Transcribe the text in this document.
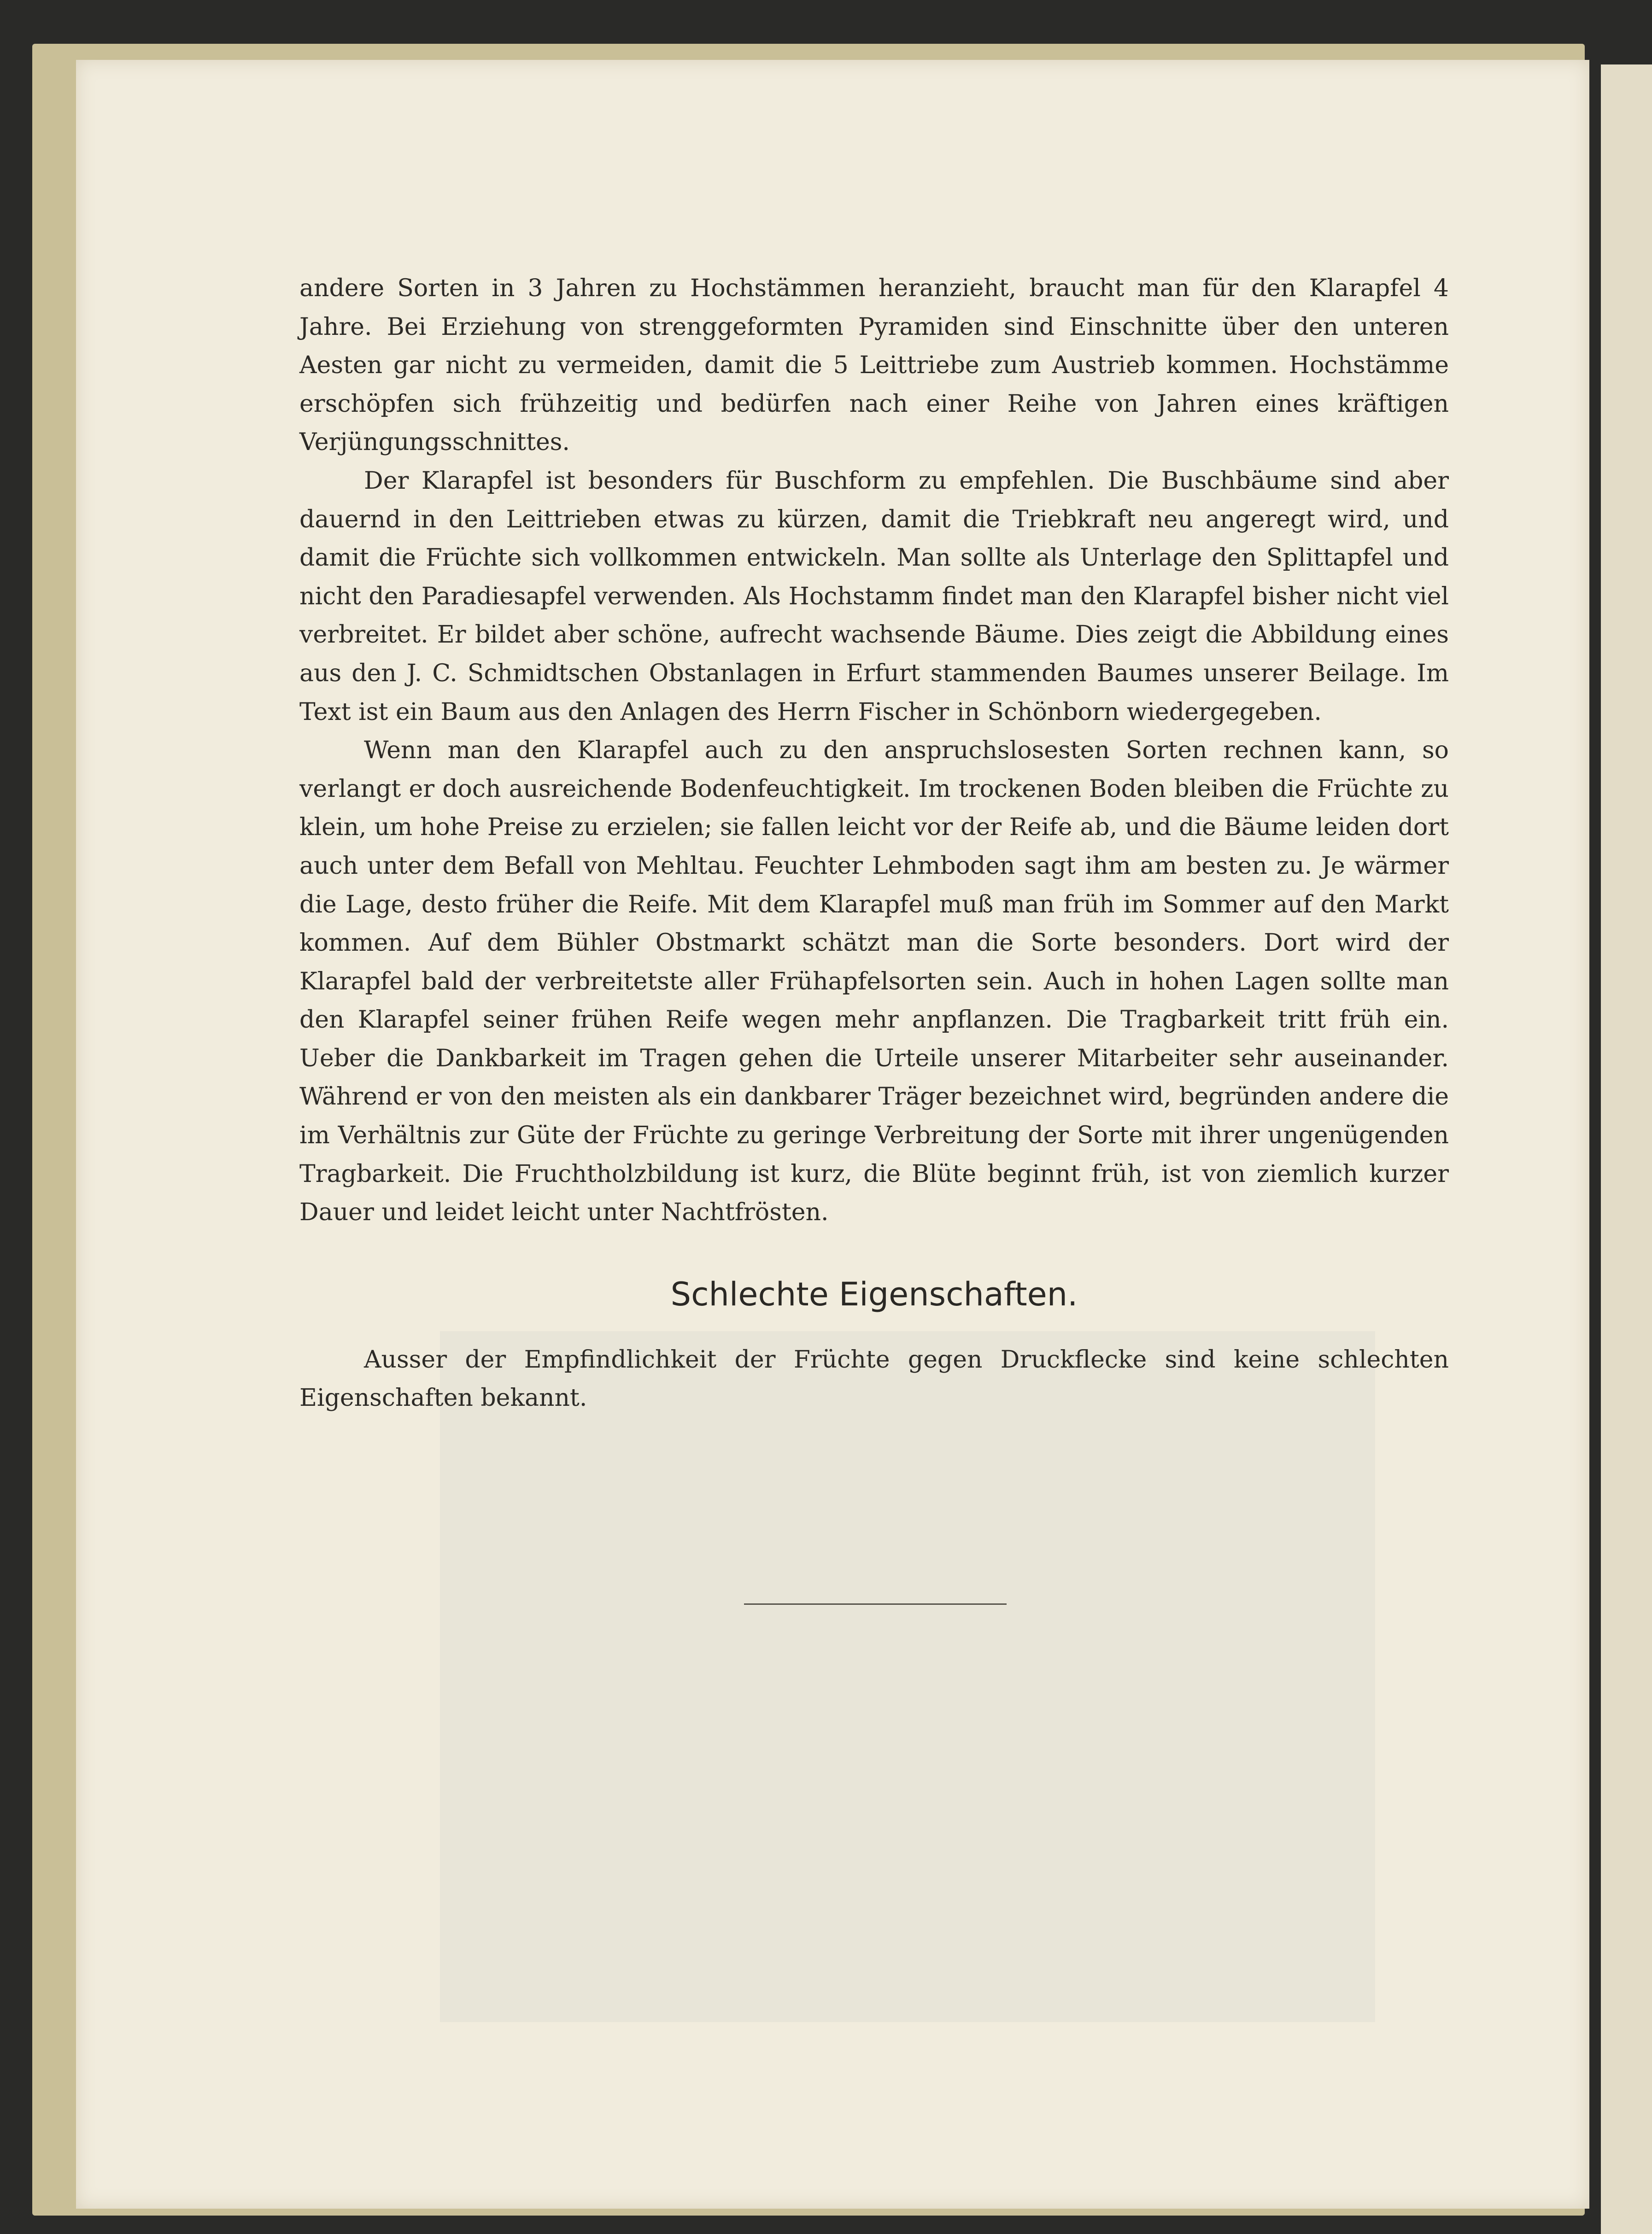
andere Sorten in 3 Jahren zu Hochstämmen heranzieht, braucht man für den Klarapfel 4 Jahre. Bei Erziehung von strenggeformten Pyramiden sind Einschnitte über den unteren Aesten gar nicht zu vermeiden, damit die 5 Leittriebe zum Austrieb kommen. Hochstämme erschöpfen sich frühzeitig und bedürfen nach einer Reihe von Jahren eines kräftigen Verjüngungsschnittes.

Der Klarapfel ist besonders für Buschform zu empfehlen. Die Buschbäume sind aber dauernd in den Leittrieben etwas zu kürzen, damit die Triebkraft neu angeregt wird, und damit die Früchte sich vollkommen entwickeln. Man sollte als Unterlage den Splittapfel und nicht den Paradiesapfel verwenden. Als Hochstamm findet man den Klarapfel bisher nicht viel verbreitet. Er bildet aber schöne, aufrecht wachsende Bäume. Dies zeigt die Abbildung eines aus den J. C. Schmidtschen Obstanlagen in Erfurt stammenden Baumes unserer Beilage. Im Text ist ein Baum aus den Anlagen des Herrn Fischer in Schönborn wiedergegeben.

Wenn man den Klarapfel auch zu den anspruchslosesten Sorten rechnen kann, so verlangt er doch ausreichende Bodenfeuchtigkeit. Im trockenen Boden bleiben die Früchte zu klein, um hohe Preise zu erzielen; sie fallen leicht vor der Reife ab, und die Bäume leiden dort auch unter dem Befall von Mehltau. Feuchter Lehmboden sagt ihm am besten zu. Je wärmer die Lage, desto früher die Reife. Mit dem Klarapfel muß man früh im Sommer auf den Markt kommen. Auf dem Bühler Obstmarkt schätzt man die Sorte besonders. Dort wird der Klarapfel bald der verbreitetste aller Frühapfelsorten sein. Auch in hohen Lagen sollte man den Klarapfel seiner frühen Reife wegen mehr anpflanzen. Die Tragbarkeit tritt früh ein. Ueber die Dankbarkeit im Tragen gehen die Urteile unserer Mitarbeiter sehr auseinander. Während er von den meisten als ein dankbarer Träger bezeichnet wird, begründen andere die im Verhältnis zur Güte der Früchte zu geringe Verbreitung der Sorte mit ihrer ungenügenden Tragbarkeit. Die Fruchtholzbildung ist kurz, die Blüte beginnt früh, ist von ziemlich kurzer Dauer und leidet leicht unter Nachtfrösten.

Schlechte Eigenschaften.

Ausser der Empfindlichkeit der Früchte gegen Druckflecke sind keine schlechten Eigenschaften bekannt.
